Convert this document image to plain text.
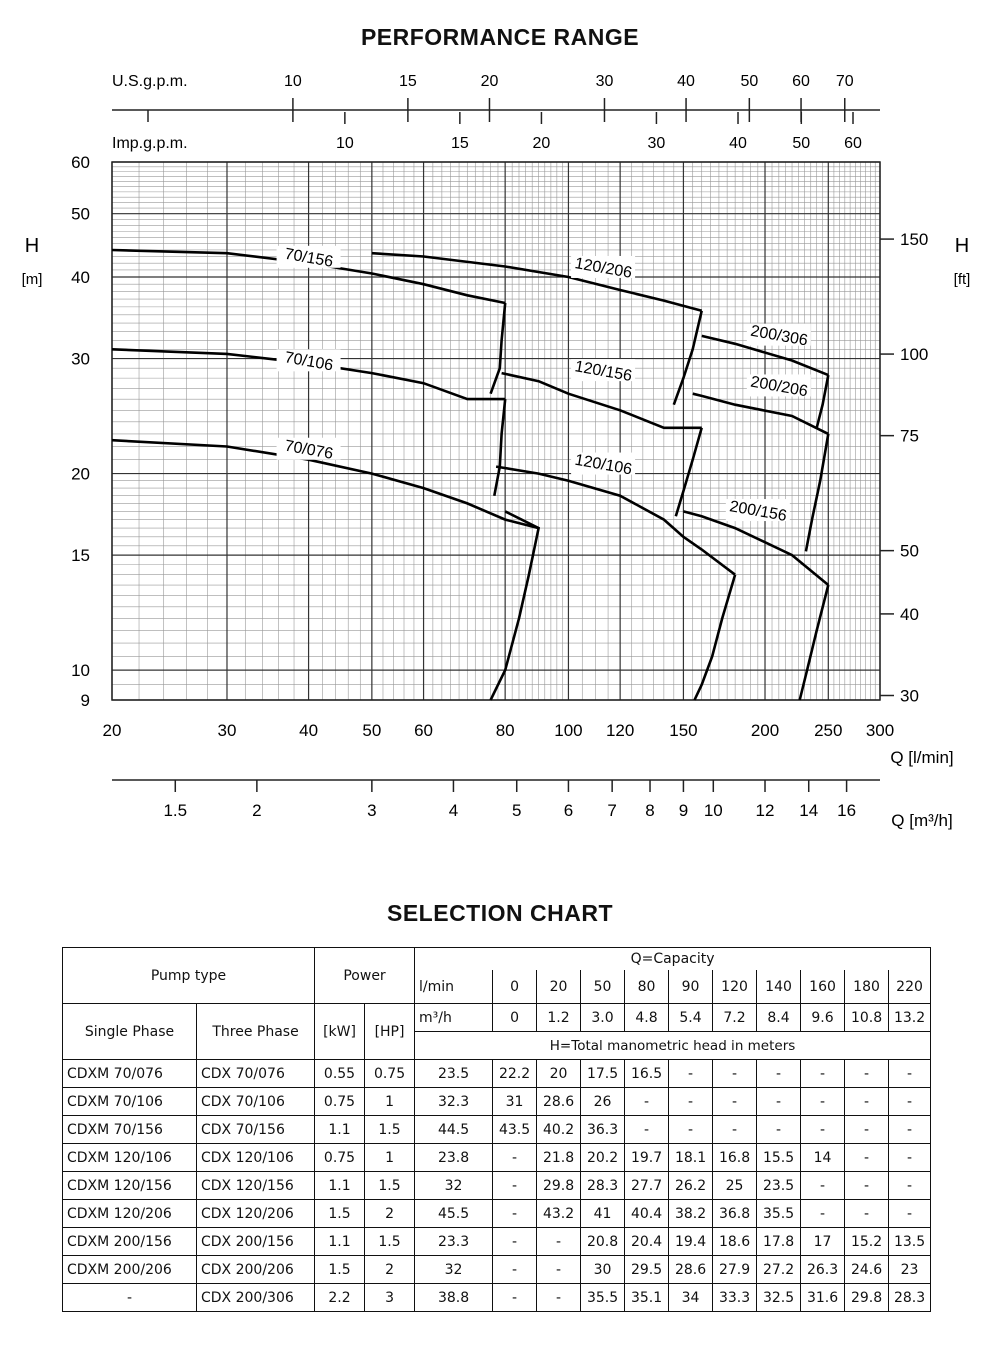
PERFORMANCE RANGE
9
10
15
20
30
40
50
60
20	30	40	50 60	80 100 120 150	200 250 300
Q [l/min]
H
[m]
H
[ft]
30
40
50
75
100
150
U.S.g.p.m.	10	15	20	30	40	50 60 70
Imp.g.p.m.	10	15	20	30	40	50 60
1.5	2	3	4	5 6 7 8 9 10 12 14 16
Q [m³/h]
70/076
70/106
70/156
120/106
120/156
120/206
200/156
200/206
200/306
SELECTION CHART
Pump type		Power		Q=Capacity											
				l/min	0	20	50	80	90	120	140	160	180	220	
Single Phase	Three Phase	[kW]	[HP]	m³/h	0	1.2	3.0	4.8	5.4	7.2	8.4	9.6	10.8	13.2	
				H=Total manometric head in meters											
CDXM 70/076	CDX 70/076	0.55	0.75	23.5	22.2	20	17.5	16.5	-	-	-	-	-	-	
CDXM 70/106	CDX 70/106	0.75	1	32.3	31	28.6	26	-	-	-	-	-	-	-	
CDXM 70/156	CDX 70/156	1.1	1.5	44.5	43.5	40.2	36.3	-	-	-	-	-	-	-	
CDXM 120/106	CDX 120/106	0.75	1	23.8	-	21.8	20.2	19.7	18.1	16.8	15.5	14	-	-	
CDXM 120/156	CDX 120/156	1.1	1.5	32	-	29.8	28.3	27.7	26.2	25	23.5	-	-	-	
CDXM 120/206	CDX 120/206	1.5	2	45.5	-	43.2	41	40.4	38.2	36.8	35.5	-	-	-	
CDXM 200/156	CDX 200/156	1.1	1.5	23.3	-	-	20.8	20.4	19.4	18.6	17.8	17	15.2	13.5	
CDXM 200/206	CDX 200/206	1.5	2	32	-	-	30	29.5	28.6	27.9	27.2	26.3	24.6	23	
-	CDX 200/306	2.2	3	38.8	-	-	35.5	35.1	34	33.3	32.5	31.6	29.8	28.3	
